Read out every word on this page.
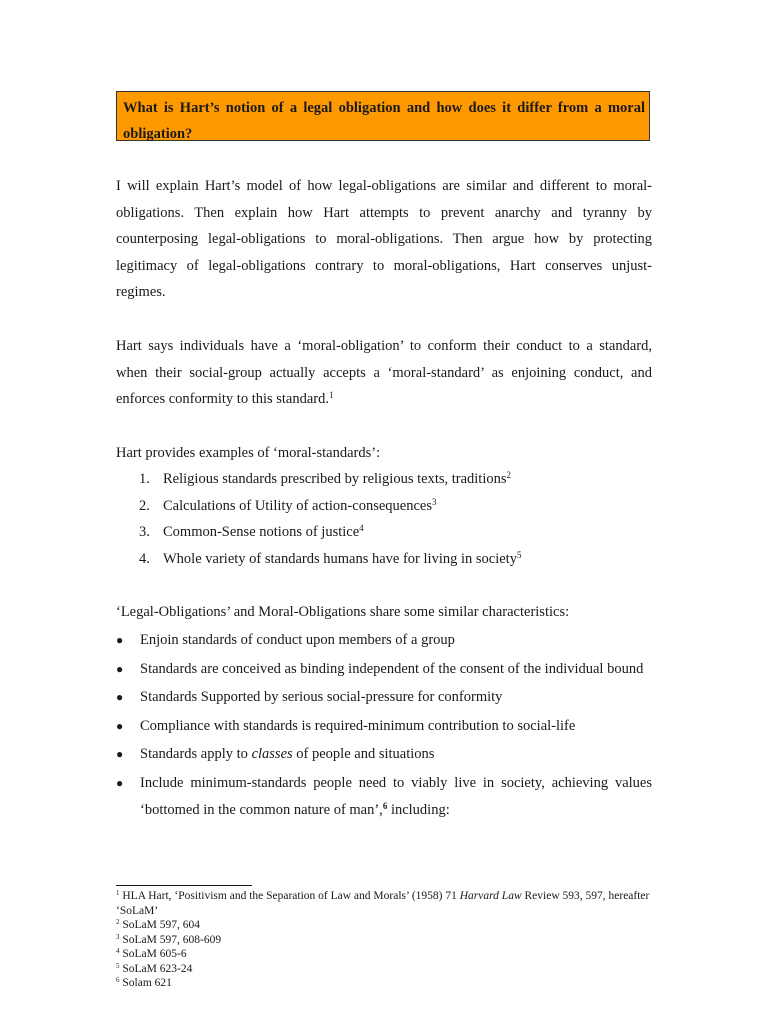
What is Hart’s notion of a legal obligation and how does it differ from a moral obligation?
I will explain Hart’s model of how legal-obligations are similar and different to moral-obligations. Then explain how Hart attempts to prevent anarchy and tyranny by counterposing legal-obligations to moral-obligations. Then argue how by protecting legitimacy of legal-obligations contrary to moral-obligations, Hart conserves unjust-regimes.
Hart says individuals have a ‘moral-obligation’ to conform their conduct to a standard, when their social-group actually accepts a ‘moral-standard’ as enjoining conduct, and enforces conformity to this standard.$^1$
Hart provides examples of ‘moral-standards’:
1. Religious standards prescribed by religious texts, traditions$^2$
2. Calculations of Utility of action-consequences$^3$
3. Common-Sense notions of justice$^4$
4. Whole variety of standards humans have for living in society$^5$
‘Legal-Obligations’ and Moral-Obligations share some similar characteristics:
● Enjoin standards of conduct upon members of a group
● Standards are conceived as binding independent of the consent of the individual bound
● Standards Supported by serious social-pressure for conformity
● Compliance with standards is required-minimum contribution to social-life
● Standards apply to classes of people and situations
● Include minimum-standards people need to viably live in society, achieving values ‘bottomed in the common nature of man’,$^6$ including:

$^1$ HLA Hart, ‘Positivism and the Separation of Law and Morals’ (1958) 71 Harvard Law Review 593, 597, hereafter ‘SoLaM’

$^2$ SoLaM 597, 604

$^3$ SoLaM 597, 608-609

$^4$ SoLaM 605-6

$^5$ SoLaM 623-24

$^6$ Solam 621
